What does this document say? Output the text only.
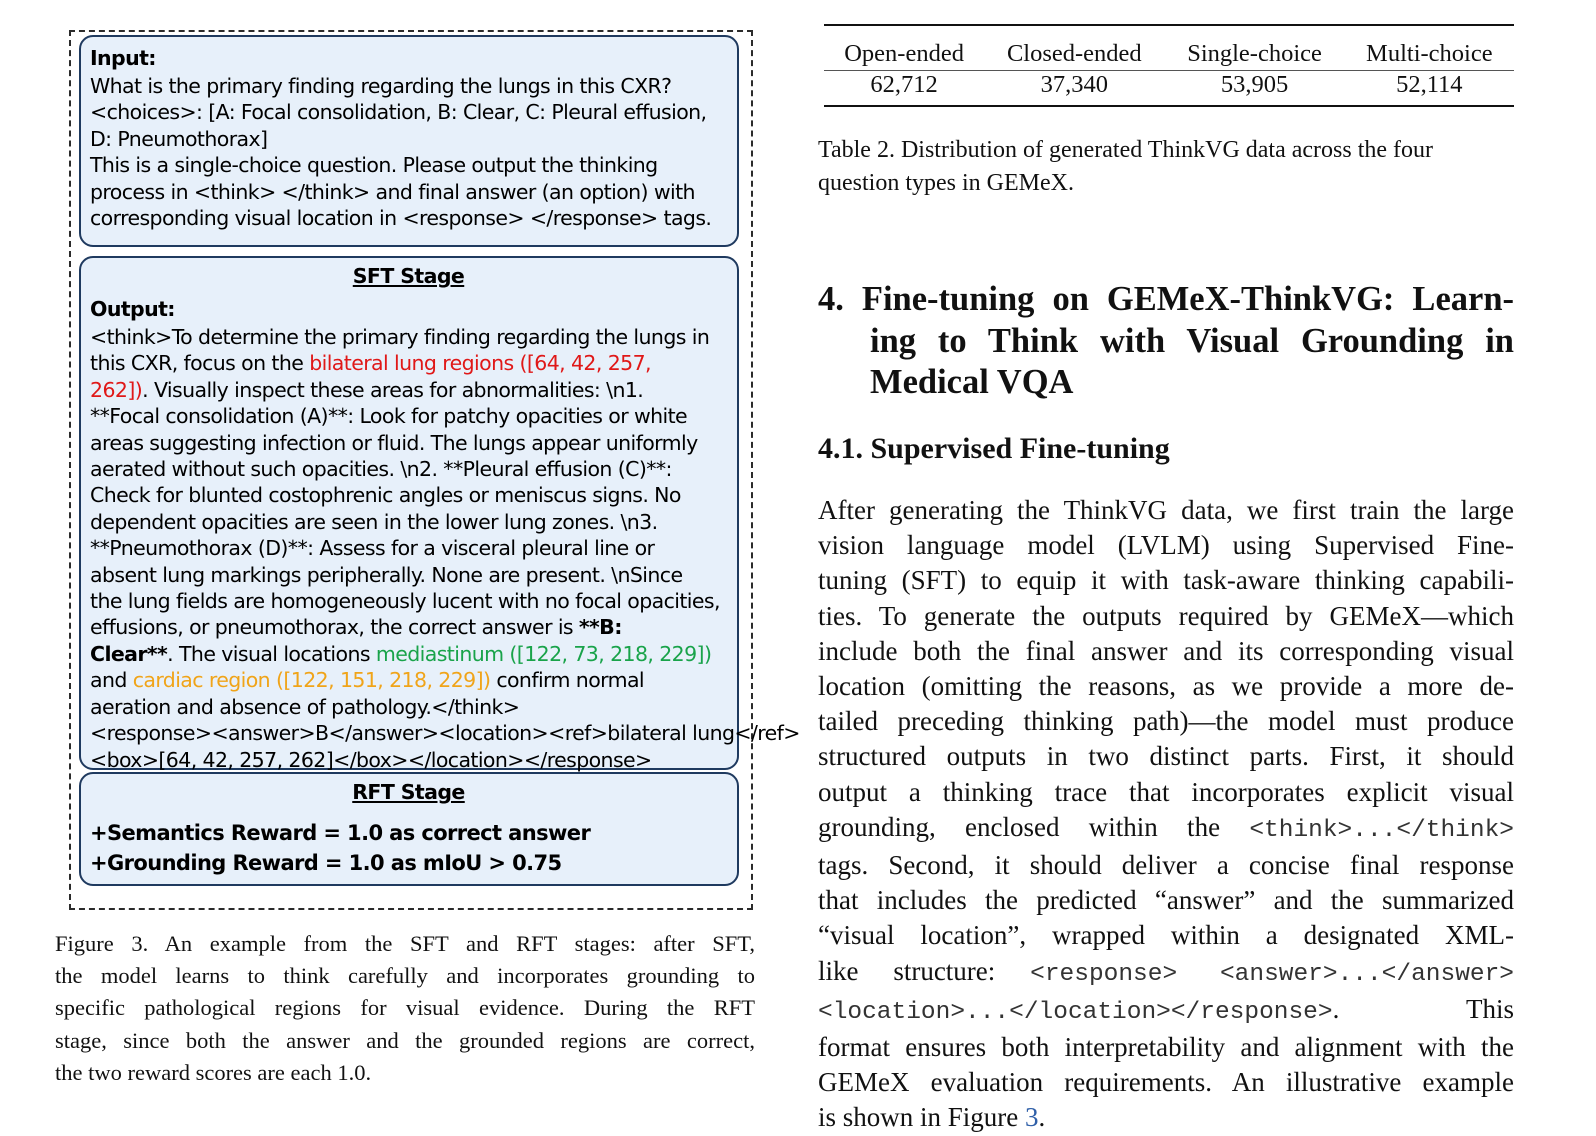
Input:
What is the primary finding regarding the lungs in this CXR?
<choices>: [A: Focal consolidation, B: Clear, C: Pleural effusion,
D: Pneumothorax]
This is a single-choice question. Please output the thinking
process in <think> </think> and final answer (an option) with
corresponding visual location in <response> </response> tags.
SFT Stage
Output:
<think>To determine the primary finding regarding the lungs in
this CXR, focus on the bilateral lung regions ([64, 42, 257,
262]). Visually inspect these areas for abnormalities: \n1.
**Focal consolidation (A)**: Look for patchy opacities or white
areas suggesting infection or fluid. The lungs appear uniformly
aerated without such opacities. \n2. **Pleural effusion (C)**:
Check for blunted costophrenic angles or meniscus signs. No
dependent opacities are seen in the lower lung zones. \n3.
**Pneumothorax (D)**: Assess for a visceral pleural line or
absent lung markings peripherally. None are present. \nSince
the lung fields are homogeneously lucent with no focal opacities,
effusions, or pneumothorax, the correct answer is **B:
Clear**. The visual locations mediastinum ([122, 73, 218, 229])
and cardiac region ([122, 151, 218, 229]) confirm normal
aeration and absence of pathology.</think>
<response><answer>B</answer><location><ref>bilateral lung</ref>
<box>[64, 42, 257, 262]</box></location></response>
RFT Stage
+Semantics Reward = 1.0 as correct answer
+Grounding Reward = 1.0 as mIoU > 0.75
Figure 3. An example from the SFT and RFT stages: after SFT,
the model learns to think carefully and incorporates grounding to
specific pathological regions for visual evidence. During the RFT
stage, since both the answer and the grounded regions are correct,
the two reward scores are each 1.0.
Open-ended	Closed-ended	Single-choice	Multi-choice
62,712	37,340	53,905	52,114
Table 2. Distribution of generated ThinkVG data across the four
question types in GEMeX.
4. Fine-tuning on GEMeX-ThinkVG: Learn-
ing to Think with Visual Grounding in
Medical VQA
4.1. Supervised Fine-tuning
After generating the ThinkVG data, we first train the large
vision language model (LVLM) using Supervised Fine-
tuning (SFT) to equip it with task-aware thinking capabili-
ties. To generate the outputs required by GEMeX—which
include both the final answer and its corresponding visual
location (omitting the reasons, as we provide a more de-
tailed preceding thinking path)—the model must produce
structured outputs in two distinct parts. First, it should
output a thinking trace that incorporates explicit visual
grounding, enclosed within the <think>...</think>
tags. Second, it should deliver a concise final response
that includes the predicted “answer” and the summarized
“visual location”, wrapped within a designated XML-
like structure: <response> <answer>...</answer>
<location>...</location></response>. This
format ensures both interpretability and alignment with the
GEMeX evaluation requirements. An illustrative example
is shown in Figure 3.
